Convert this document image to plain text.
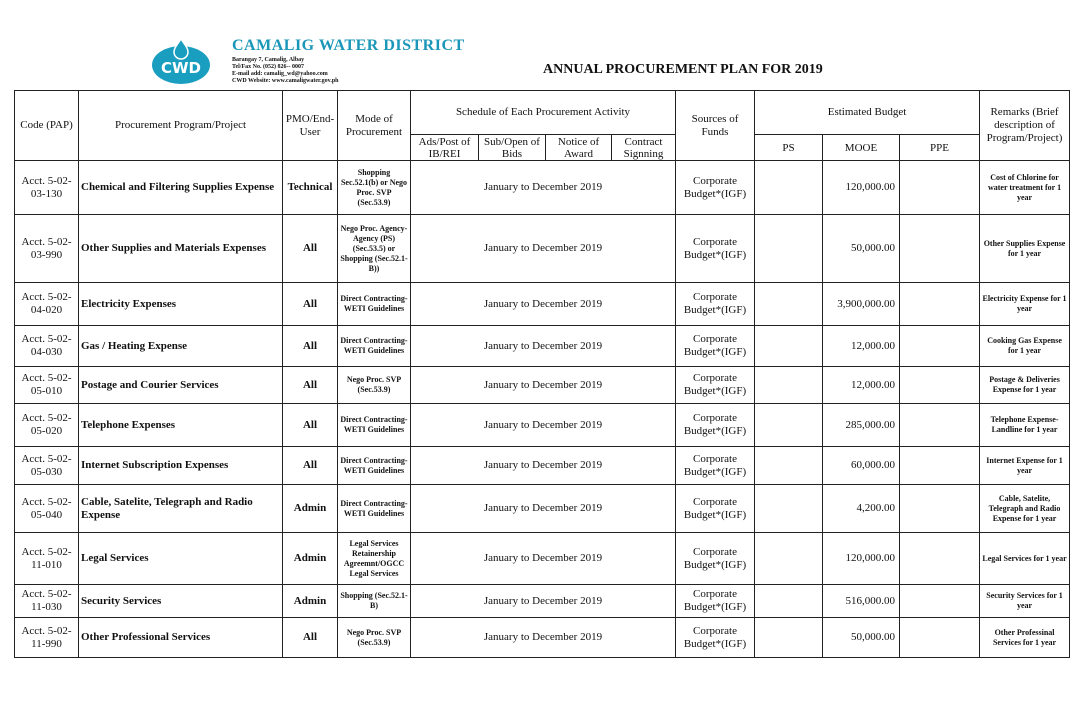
CWD
CAMALIG WATER DISTRICT
Barangay 7, Camalig, Albay
Tel/Fax No. (052) 826-- 0007
E-mail add: camalig_wd@yahoo.com
CWD Website: www.camaligwater.gov.ph
ANNUAL PROCUREMENT PLAN FOR 2019
Code (PAP)	Procurement Program/Project	PMO/End-User	Mode of Procurement	Schedule of Each Procurement Activity				Sources of Funds	Estimated Budget			Remarks (Brief description of Program/Project)
				Ads/Post of IB/REI	Sub/Open of Bids	Notice of Award	Contract Signning		PS	MOOE	PPE	
Acct. 5-02-03-130	Chemical and Filtering Supplies Expense	Technical	Shopping Sec.52.1(b) or Nego Proc. SVP (Sec.53.9)	January to December 2019				Corporate Budget*(IGF)		120,000.00		Cost of Chlorine for water treatment for 1 year
Acct. 5-02-03-990	Other Supplies and Materials Expenses	All	Nego Proc. Agency-Agency (PS) (Sec.53.5) or Shopping (Sec.52.1-B))	January to December 2019				Corporate Budget*(IGF)		50,000.00		Other Supplies Expense for 1 year
Acct. 5-02-04-020	Electricity Expenses	All	Direct Contracting-WETI Guidelines	January to December 2019				Corporate Budget*(IGF)		3,900,000.00		Electricity Expense for 1 year
Acct. 5-02-04-030	Gas / Heating Expense	All	Direct Contracting-WETI Guidelines	January to December 2019				Corporate Budget*(IGF)		12,000.00		Cooking Gas Expense for 1 year
Acct. 5-02-05-010	Postage and Courier Services	All	Nego Proc. SVP (Sec.53.9)	January to December 2019				Corporate Budget*(IGF)		12,000.00		Postage & Deliveries Expense for 1 year
Acct. 5-02-05-020	Telephone Expenses	All	Direct Contracting-WETI Guidelines	January to December 2019				Corporate Budget*(IGF)		285,000.00		Telephone Expense-Landline for 1 year
Acct. 5-02-05-030	Internet Subscription Expenses	All	Direct Contracting-WETI Guidelines	January to December 2019				Corporate Budget*(IGF)		60,000.00		Internet Expense for 1 year
Acct. 5-02-05-040	Cable, Satelite, Telegraph and Radio Expense	Admin	Direct Contracting-WETI Guidelines	January to December 2019				Corporate Budget*(IGF)		4,200.00		Cable, Satelite, Telegraph and Radio Expense for 1 year
Acct. 5-02-11-010	Legal Services	Admin	Legal Services Retainership Agreemnt/OGCC Legal Services	January to December 2019				Corporate Budget*(IGF)		120,000.00		Legal Services for 1 year
Acct. 5-02-11-030	Security Services	Admin	Shopping (Sec.52.1-B)	January to December 2019				Corporate Budget*(IGF)		516,000.00		Security Services for 1 year
Acct. 5-02-11-990	Other Professional Services	All	Nego Proc. SVP (Sec.53.9)	January to December 2019				Corporate Budget*(IGF)		50,000.00		Other Professinal Services for 1 year
